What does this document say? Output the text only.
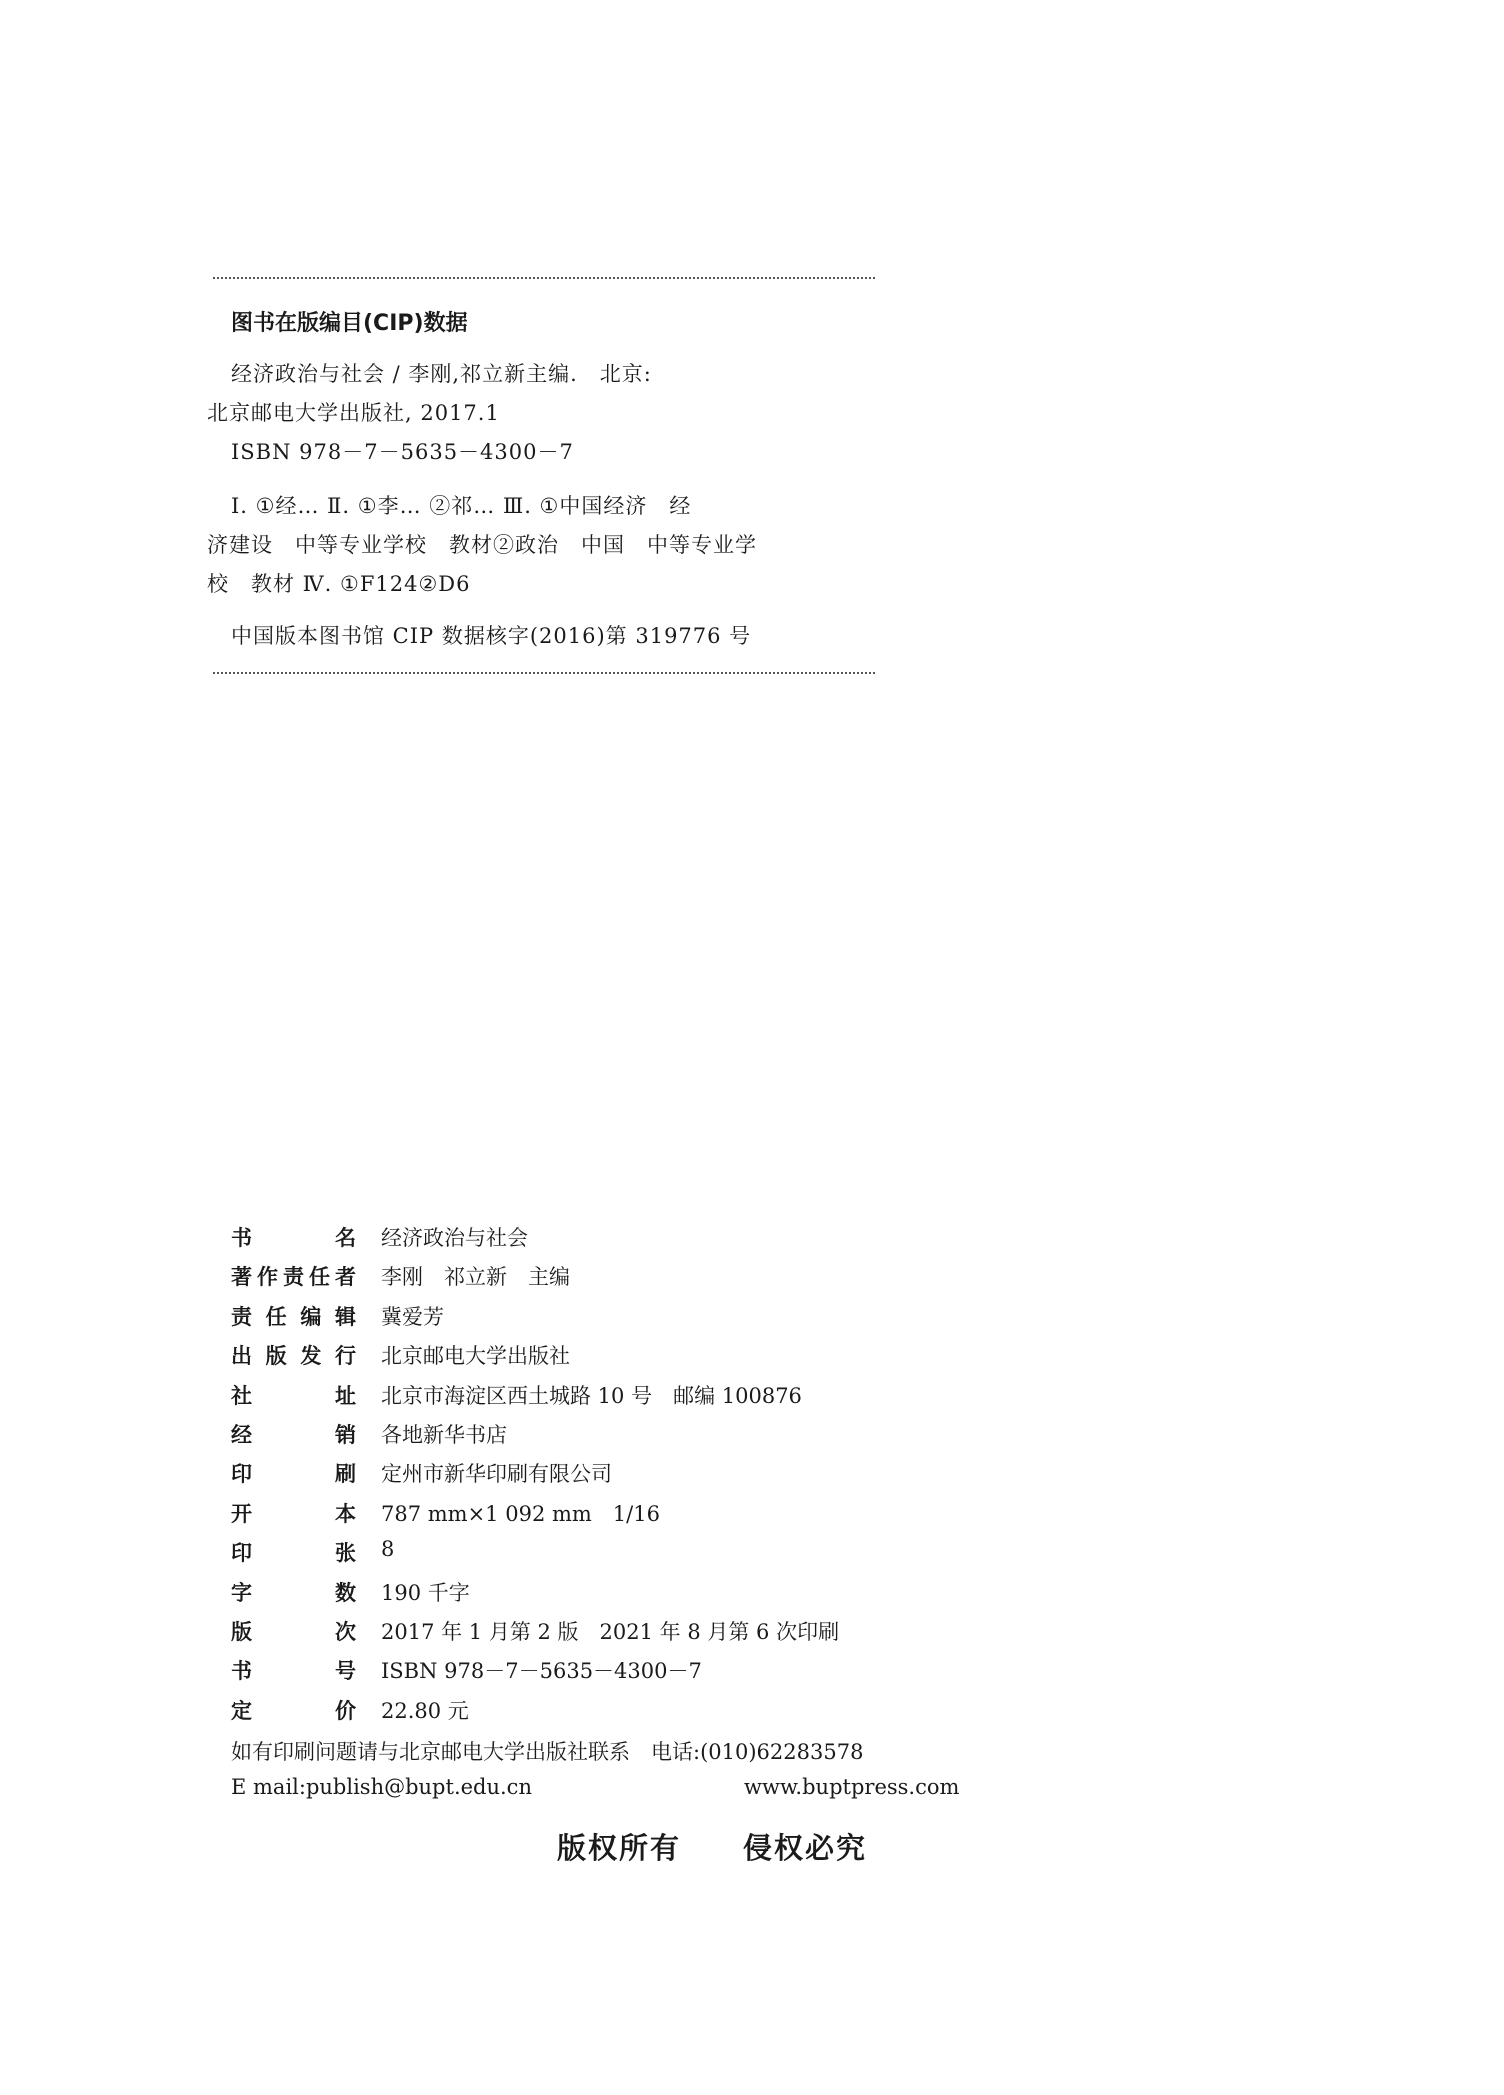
图书在版编目(CIP)数据
经济政治与社会 / 李刚,祁立新主编.　北京:
北京邮电大学出版社, 2017.1
ISBN 978－7－5635－4300－7
Ⅰ. ①经… Ⅱ. ①李… ②祁… Ⅲ. ①中国经济　经
济建设　中等专业学校　教材②政治　中国　中等专业学
校　教材 Ⅳ. ①F124②D6
中国版本图书馆 CIP 数据核字(2016)第 319776 号
书	名 经济政治与社会
著 作 责 任 者 李刚　祁立新　主编
责 任 编 辑 冀爱芳
出 版 发 行 北京邮电大学出版社
社	址 北京市海淀区西土城路 10 号　邮编 100876
经	销 各地新华书店
印	刷 定州市新华印刷有限公司
开	本 787 mm×1 092 mm　1/16
印	张 8
字	数 190 千字
版	次 2017 年 1 月第 2 版　2021 年 8 月第 6 次印刷
书	号 ISBN 978－7－5635－4300－7
定	价 22.80 元
如有印刷问题请与北京邮电大学出版社联系　电话:(010)62283578
E mail:publish@bupt.edu.cn	www.buptpress.com
版权所有　　侵权必究
